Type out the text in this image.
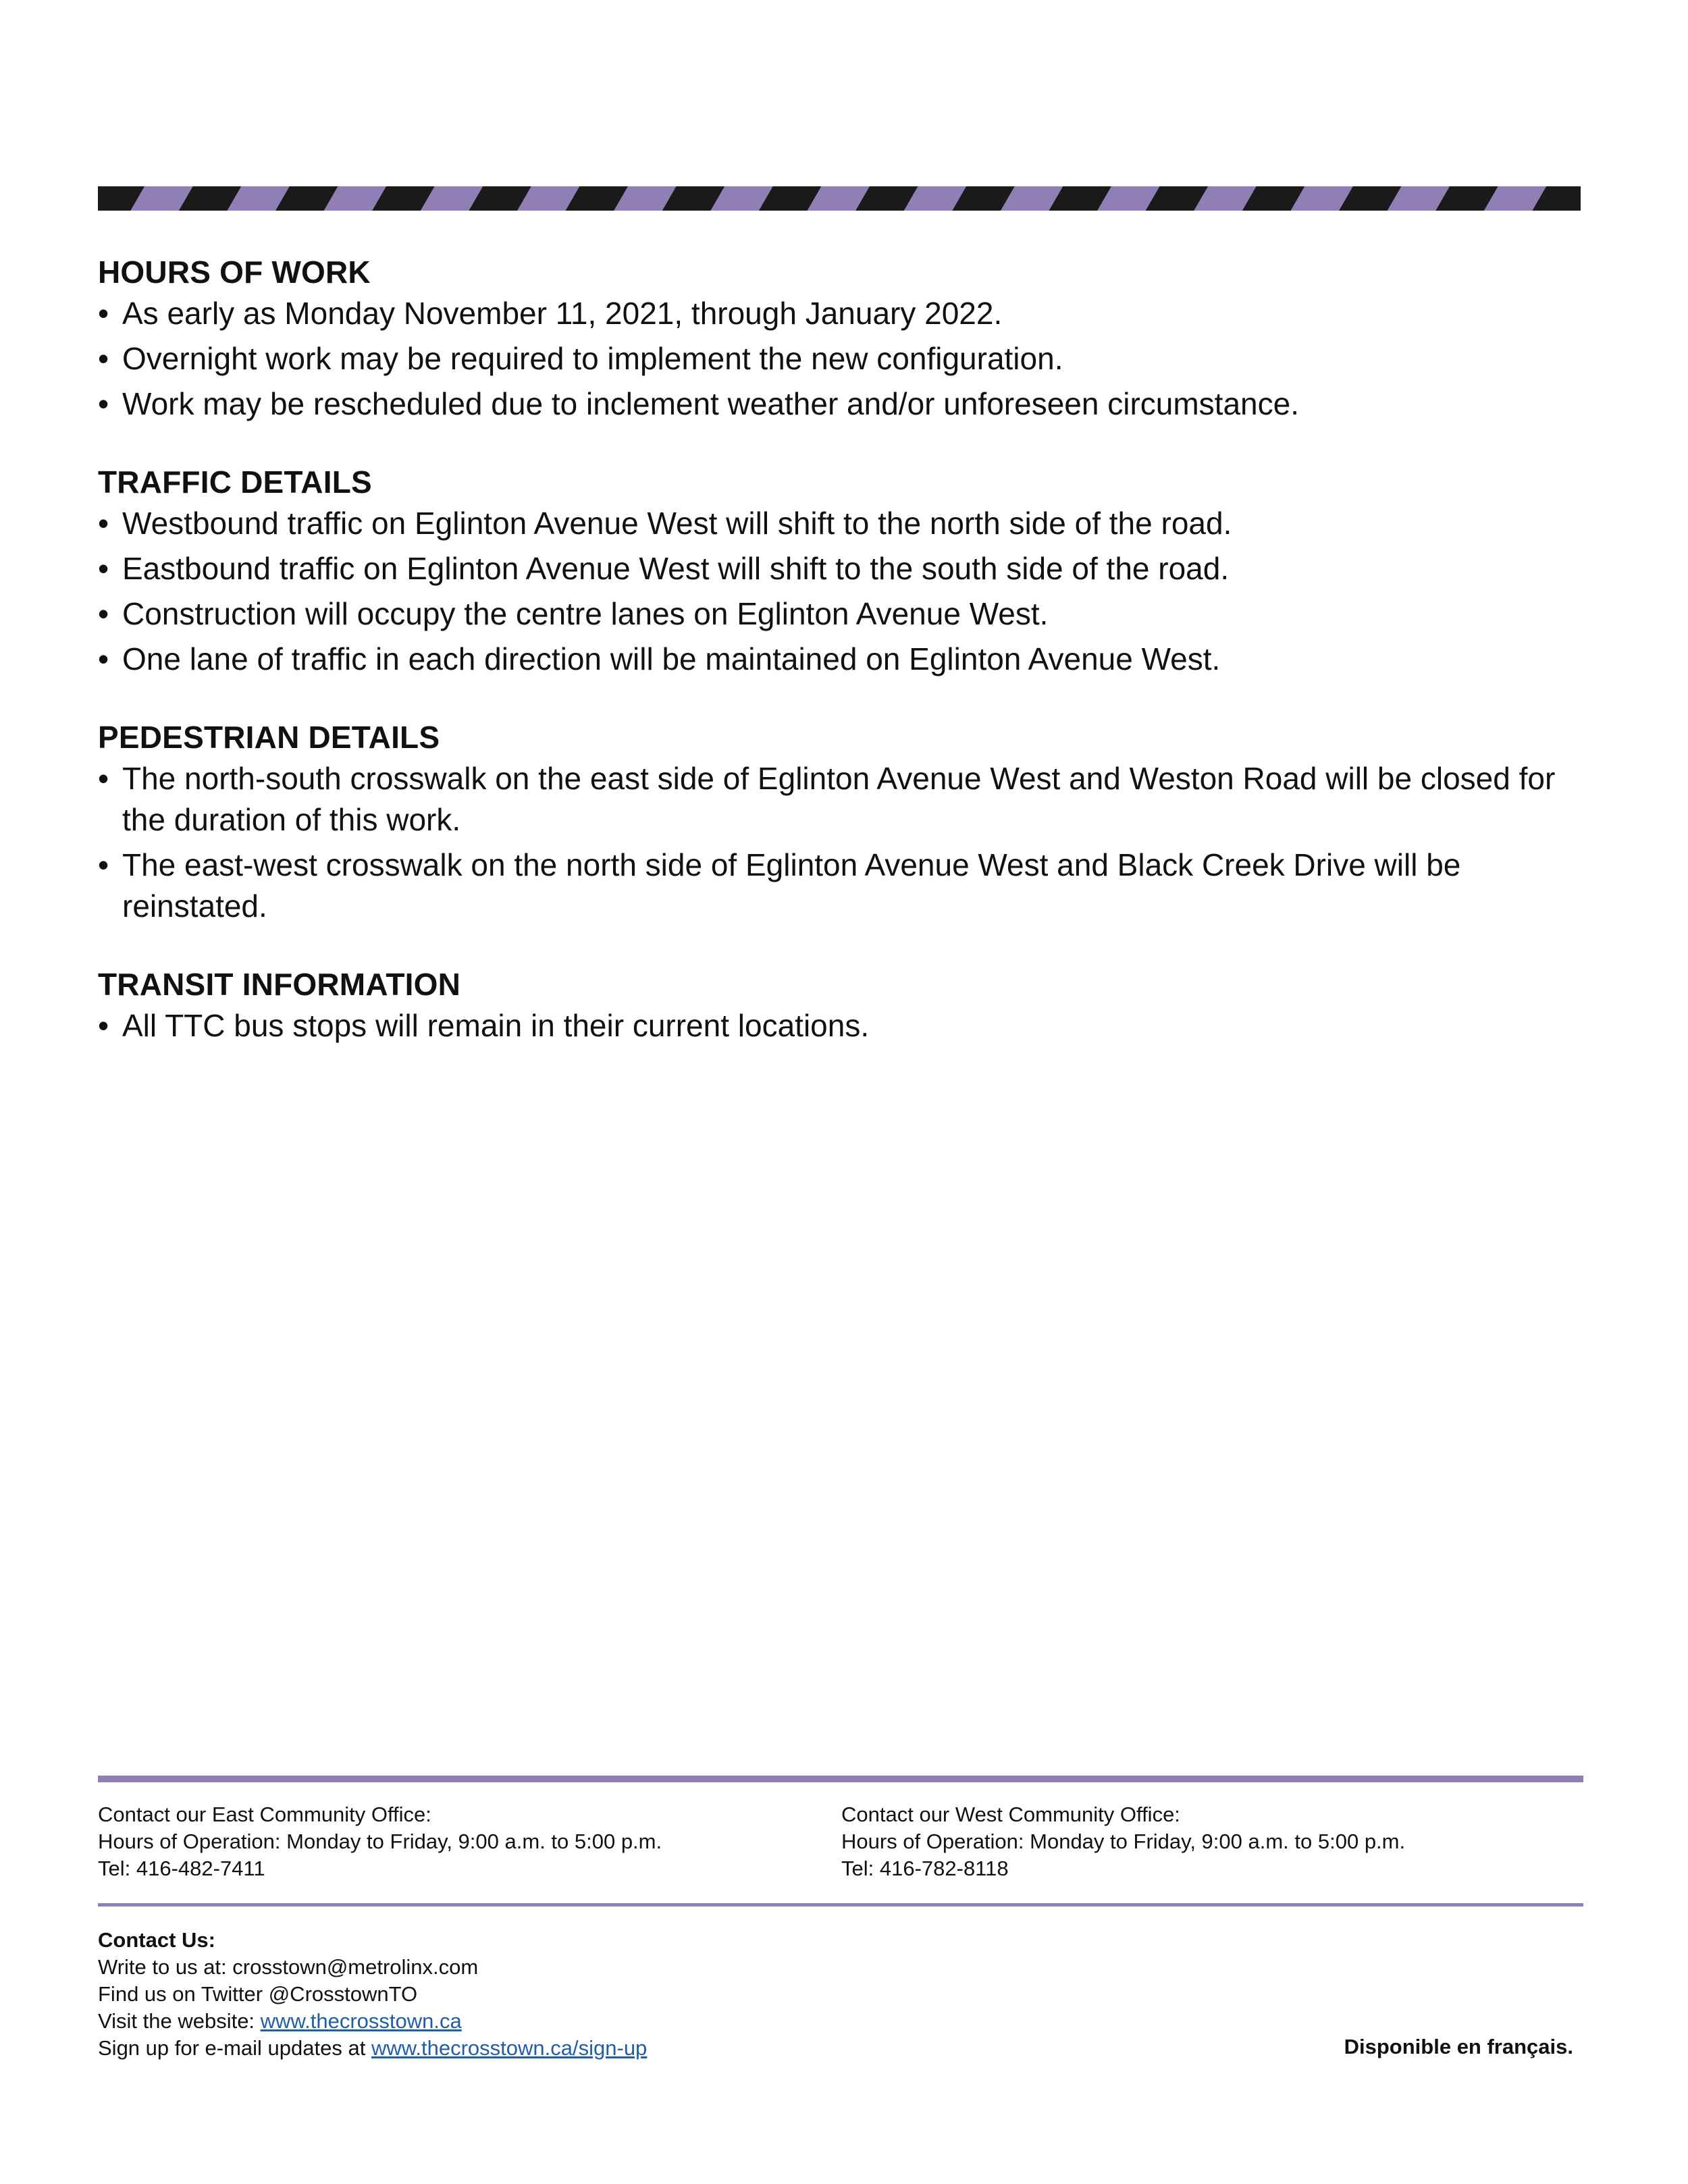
HOURS OF WORK
• As early as Monday November 11, 2021, through January 2022.
• Overnight work may be required to implement the new configuration.
• Work may be rescheduled due to inclement weather and/or unforeseen circumstance.
TRAFFIC DETAILS
• Westbound traffic on Eglinton Avenue West will shift to the north side of the road.
• Eastbound traffic on Eglinton Avenue West will shift to the south side of the road.
• Construction will occupy the centre lanes on Eglinton Avenue West.
• One lane of traffic in each direction will be maintained on Eglinton Avenue West.
PEDESTRIAN DETAILS
• The north-south crosswalk on the east side of Eglinton Avenue West and Weston Road will be closed for the duration of this work.
• The east-west crosswalk on the north side of Eglinton Avenue West and Black Creek Drive will be reinstated.
TRANSIT INFORMATION
• All TTC bus stops will remain in their current locations.
Contact our East Community Office:
Hours of Operation: Monday to Friday, 9:00 a.m. to 5:00 p.m.
Tel: 416-482-7411
Contact our West Community Office:
Hours of Operation: Monday to Friday, 9:00 a.m. to 5:00 p.m.
Tel: 416-782-8118
Contact Us:
Write to us at: crosstown@metrolinx.com
Find us on Twitter @CrosstownTO
Visit the website: www.thecrosstown.ca
Sign up for e-mail updates at www.thecrosstown.ca/sign-up	Disponible en français.
